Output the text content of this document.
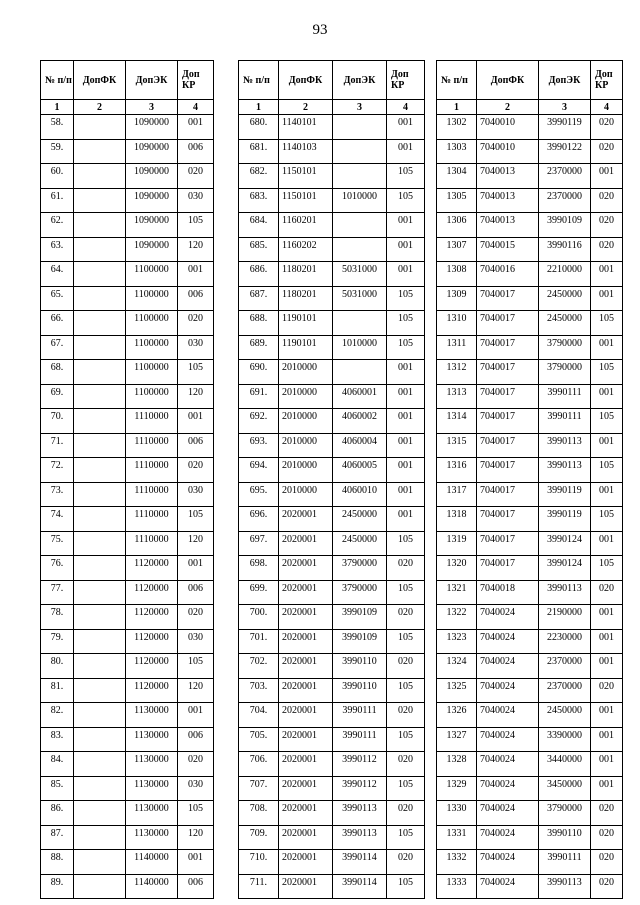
93
№ п/п	ДопФК	ДопЭК	Доп КР
1	2	3	4
58.		1090000	001
59.		1090000	006
60.		1090000	020
61.		1090000	030
62.		1090000	105
63.		1090000	120
64.		1100000	001
65.		1100000	006
66.		1100000	020
67.		1100000	030
68.		1100000	105
69.		1100000	120
70.		1110000	001
71.		1110000	006
72.		1110000	020
73.		1110000	030
74.		1110000	105
75.		1110000	120
76.		1120000	001
77.		1120000	006
78.		1120000	020
79.		1120000	030
80.		1120000	105
81.		1120000	120
82.		1130000	001
83.		1130000	006
84.		1130000	020
85.		1130000	030
86.		1130000	105
87.		1130000	120
88.		1140000	001
89.		1140000	006
№ п/п	ДопФК	ДопЭК	Доп КР
1	2	3	4
680.	1140101		001
681.	1140103		001
682.	1150101		105
683.	1150101	1010000	105
684.	1160201		001
685.	1160202		001
686.	1180201	5031000	001
687.	1180201	5031000	105
688.	1190101		105
689.	1190101	1010000	105
690.	2010000		001
691.	2010000	4060001	001
692.	2010000	4060002	001
693.	2010000	4060004	001
694.	2010000	4060005	001
695.	2010000	4060010	001
696.	2020001	2450000	001
697.	2020001	2450000	105
698.	2020001	3790000	020
699.	2020001	3790000	105
700.	2020001	3990109	020
701.	2020001	3990109	105
702.	2020001	3990110	020
703.	2020001	3990110	105
704.	2020001	3990111	020
705.	2020001	3990111	105
706.	2020001	3990112	020
707.	2020001	3990112	105
708.	2020001	3990113	020
709.	2020001	3990113	105
710.	2020001	3990114	020
711.	2020001	3990114	105
№ п/п	ДопФК	ДопЭК	Доп КР
1	2	3	4
1302	7040010	3990119	020
1303	7040010	3990122	020
1304	7040013	2370000	001
1305	7040013	2370000	020
1306	7040013	3990109	020
1307	7040015	3990116	020
1308	7040016	2210000	001
1309	7040017	2450000	001
1310	7040017	2450000	105
1311	7040017	3790000	001
1312	7040017	3790000	105
1313	7040017	3990111	001
1314	7040017	3990111	105
1315	7040017	3990113	001
1316	7040017	3990113	105
1317	7040017	3990119	001
1318	7040017	3990119	105
1319	7040017	3990124	001
1320	7040017	3990124	105
1321	7040018	3990113	020
1322	7040024	2190000	001
1323	7040024	2230000	001
1324	7040024	2370000	001
1325	7040024	2370000	020
1326	7040024	2450000	001
1327	7040024	3390000	001
1328	7040024	3440000	001
1329	7040024	3450000	001
1330	7040024	3790000	020
1331	7040024	3990110	020
1332	7040024	3990111	020
1333	7040024	3990113	020
